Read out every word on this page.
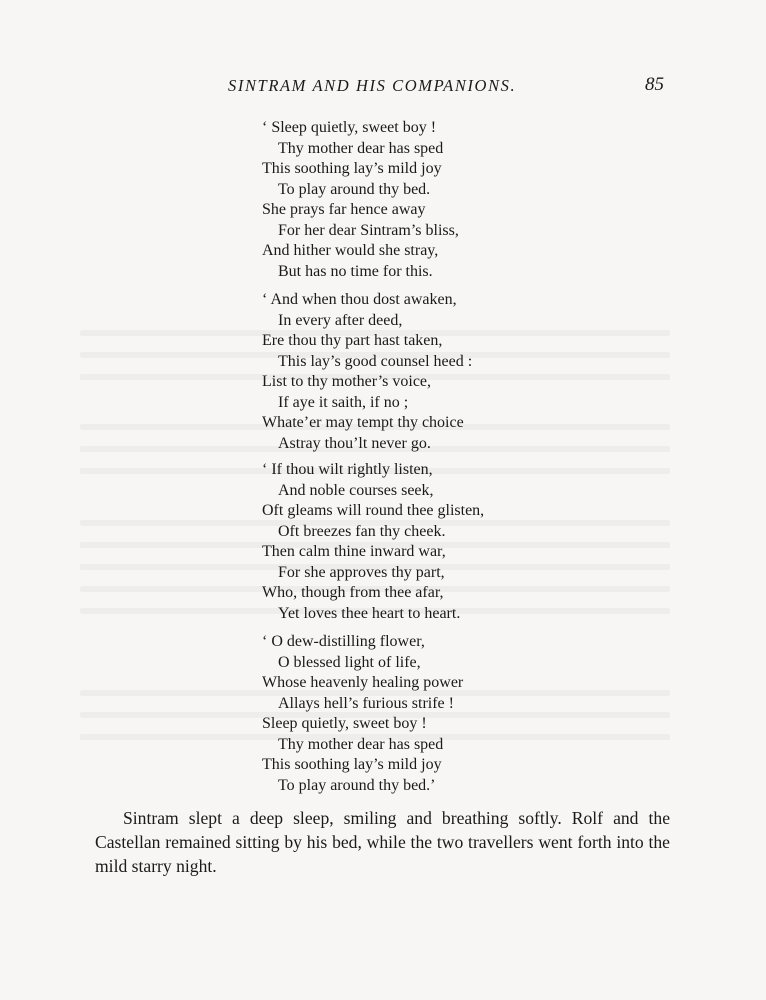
SINTRAM AND HIS COMPANIONS.	85
‘ Sleep quietly, sweet boy !
Thy mother dear has sped
This soothing lay’s mild joy
To play around thy bed.
She prays far hence away
For her dear Sintram’s bliss,
And hither would she stray,
But has no time for this.
‘ And when thou dost awaken,
In every after deed,
Ere thou thy part hast taken,
This lay’s good counsel heed :
List to thy mother’s voice,
If aye it saith, if no ;
Whate’er may tempt thy choice
Astray thou’lt never go.
‘ If thou wilt rightly listen,
And noble courses seek,
Oft gleams will round thee glisten,
Oft breezes fan thy cheek.
Then calm thine inward war,
For she approves thy part,
Who, though from thee afar,
Yet loves thee heart to heart.
‘ O dew-distilling flower,
O blessed light of life,
Whose heavenly healing power
Allays hell’s furious strife !
Sleep quietly, sweet boy !
Thy mother dear has sped
This soothing lay’s mild joy
To play around thy bed.’

Sintram slept a deep sleep, smiling and breathing softly. Rolf and the Castellan remained sitting by his bed, while the two travellers went forth into the mild starry night.
